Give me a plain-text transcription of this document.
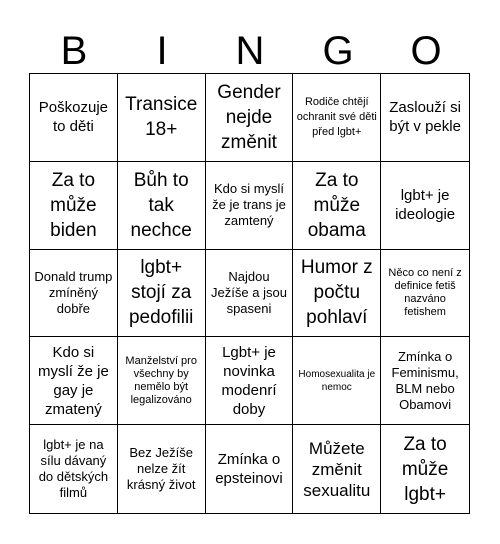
B	I	N	G	O
Poškozuje to děti
Transice 18+
Gender nejde změnit
Rodiče chtějí ochranit své děti před lgbt+
Zaslouží si být v pekle
Za to může biden
Bůh to tak nechce
Kdo si myslí že je trans je zamtený
Za to může obama
lgbt+ je ideologie
Donald trump zmíněný dobře
lgbt+ stojí za pedofilii
Najdou Ježíše a jsou spaseni
Humor z počtu pohlaví
Něco co není z definice fetiš nazváno fetishem
Kdo si myslí že je gay je zmatený
Manželství pro všechny by nemělo být legalizováno
Lgbt+ je novinka modenrí doby
Homosexualita je nemoc
Zmínka o Feminismu, BLM nebo Obamovi
lgbt+ je na sílu dávaný do dětských filmů
Bez Ježíše nelze žít krásný život
Zmínka o epsteinovi
Můžete změnit sexualitu
Za to může lgbt+
